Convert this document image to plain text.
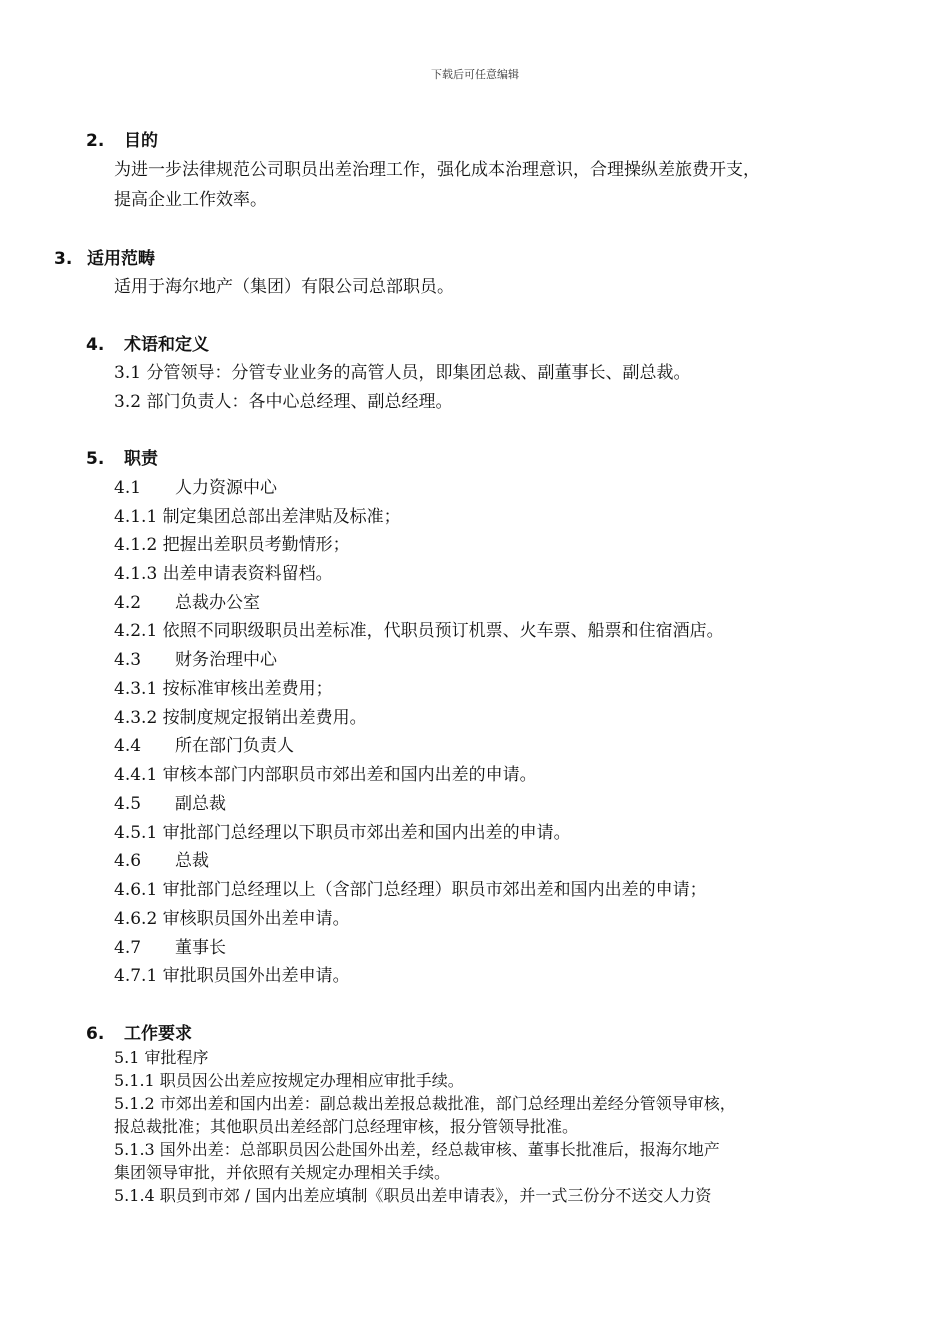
下载后可任意编辑
2. 目的
为进一步法律规范公司职员出差治理工作，强化成本治理意识，合理操纵差旅费开支，
提高企业工作效率。
3. 适用范畴
适用于海尔地产（集团）有限公司总部职员。
4. 术语和定义
3.1 分管领导：分管专业业务的高管人员，即集团总裁、副董事长、副总裁。
3.2 部门负责人：各中心总经理、副总经理。
5. 职责
4.1　　人力资源中心
4.1.1 制定集团总部出差津贴及标准；
4.1.2 把握出差职员考勤情形；
4.1.3 出差申请表资料留档。
4.2　　总裁办公室
4.2.1 依照不同职级职员出差标准，代职员预订机票、火车票、船票和住宿酒店。
4.3　　财务治理中心
4.3.1 按标准审核出差费用；
4.3.2 按制度规定报销出差费用。
4.4　　所在部门负责人
4.4.1 审核本部门内部职员市郊出差和国内出差的申请。
4.5　　副总裁
4.5.1 审批部门总经理以下职员市郊出差和国内出差的申请。
4.6　　总裁
4.6.1 审批部门总经理以上（含部门总经理）职员市郊出差和国内出差的申请；
4.6.2 审核职员国外出差申请。
4.7　　董事长
4.7.1 审批职员国外出差申请。
6. 工作要求
5.1 审批程序
5.1.1 职员因公出差应按规定办理相应审批手续。
5.1.2 市郊出差和国内出差：副总裁出差报总裁批准，部门总经理出差经分管领导审核，
报总裁批准；其他职员出差经部门总经理审核，报分管领导批准。
5.1.3 国外出差：总部职员因公赴国外出差，经总裁审核、董事长批准后，报海尔地产
集团领导审批，并依照有关规定办理相关手续。
5.1.4 职员到市郊 / 国内出差应填制《职员出差申请表》，并一式三份分不送交人力资
